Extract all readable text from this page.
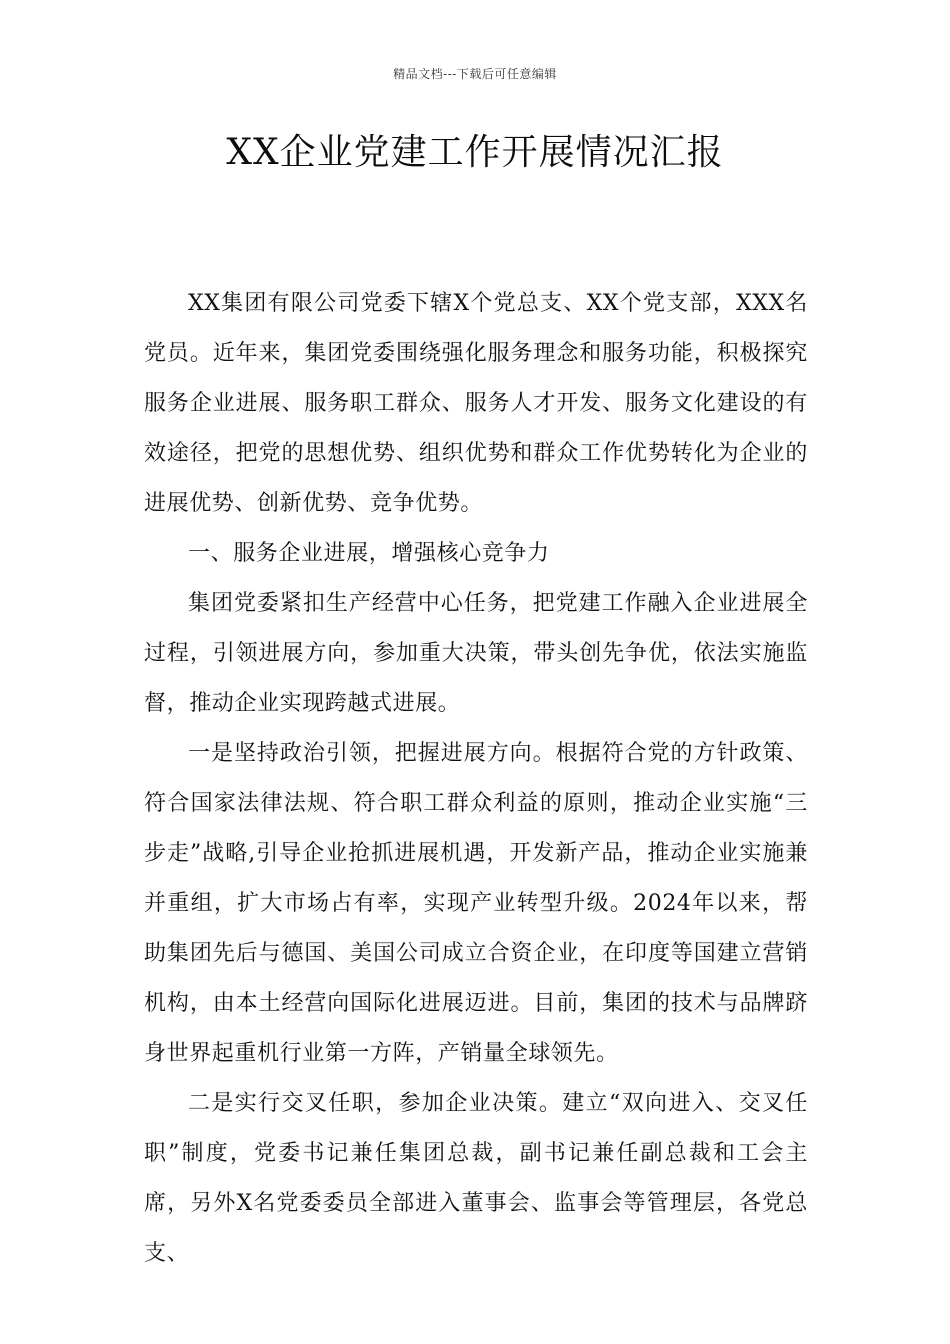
精品文档---下载后可任意编辑
XX企业党建工作开展情况汇报

XX集团有限公司党委下辖X个党总支、XX个党支部，XXX名党员。近年来，集团党委围绕强化服务理念和服务功能，积极探究服务企业进展、服务职工群众、服务人才开发、服务文化建设的有效途径，把党的思想优势、组织优势和群众工作优势转化为企业的进展优势、创新优势、竞争优势。

一、服务企业进展，增强核心竞争力

集团党委紧扣生产经营中心任务，把党建工作融入企业进展全过程，引领进展方向，参加重大决策，带头创先争优，依法实施监督，推动企业实现跨越式进展。

一是坚持政治引领，把握进展方向。根据符合党的方针政策、符合国家法律法规、符合职工群众利益的原则，推动企业实施“三步走”战略,引导企业抢抓进展机遇，开发新产品，推动企业实施兼并重组，扩大市场占有率，实现产业转型升级。2024年以来，帮助集团先后与德国、美国公司成立合资企业，在印度等国建立营销机构，由本土经营向国际化进展迈进。目前，集团的技术与品牌跻身世界起重机行业第一方阵，产销量全球领先。

二是实行交叉任职，参加企业决策。建立“双向进入、交叉任职”制度，党委书记兼任集团总裁，副书记兼任副总裁和工会主席，另外X名党委委员全部进入董事会、监事会等管理层，各党总支、
